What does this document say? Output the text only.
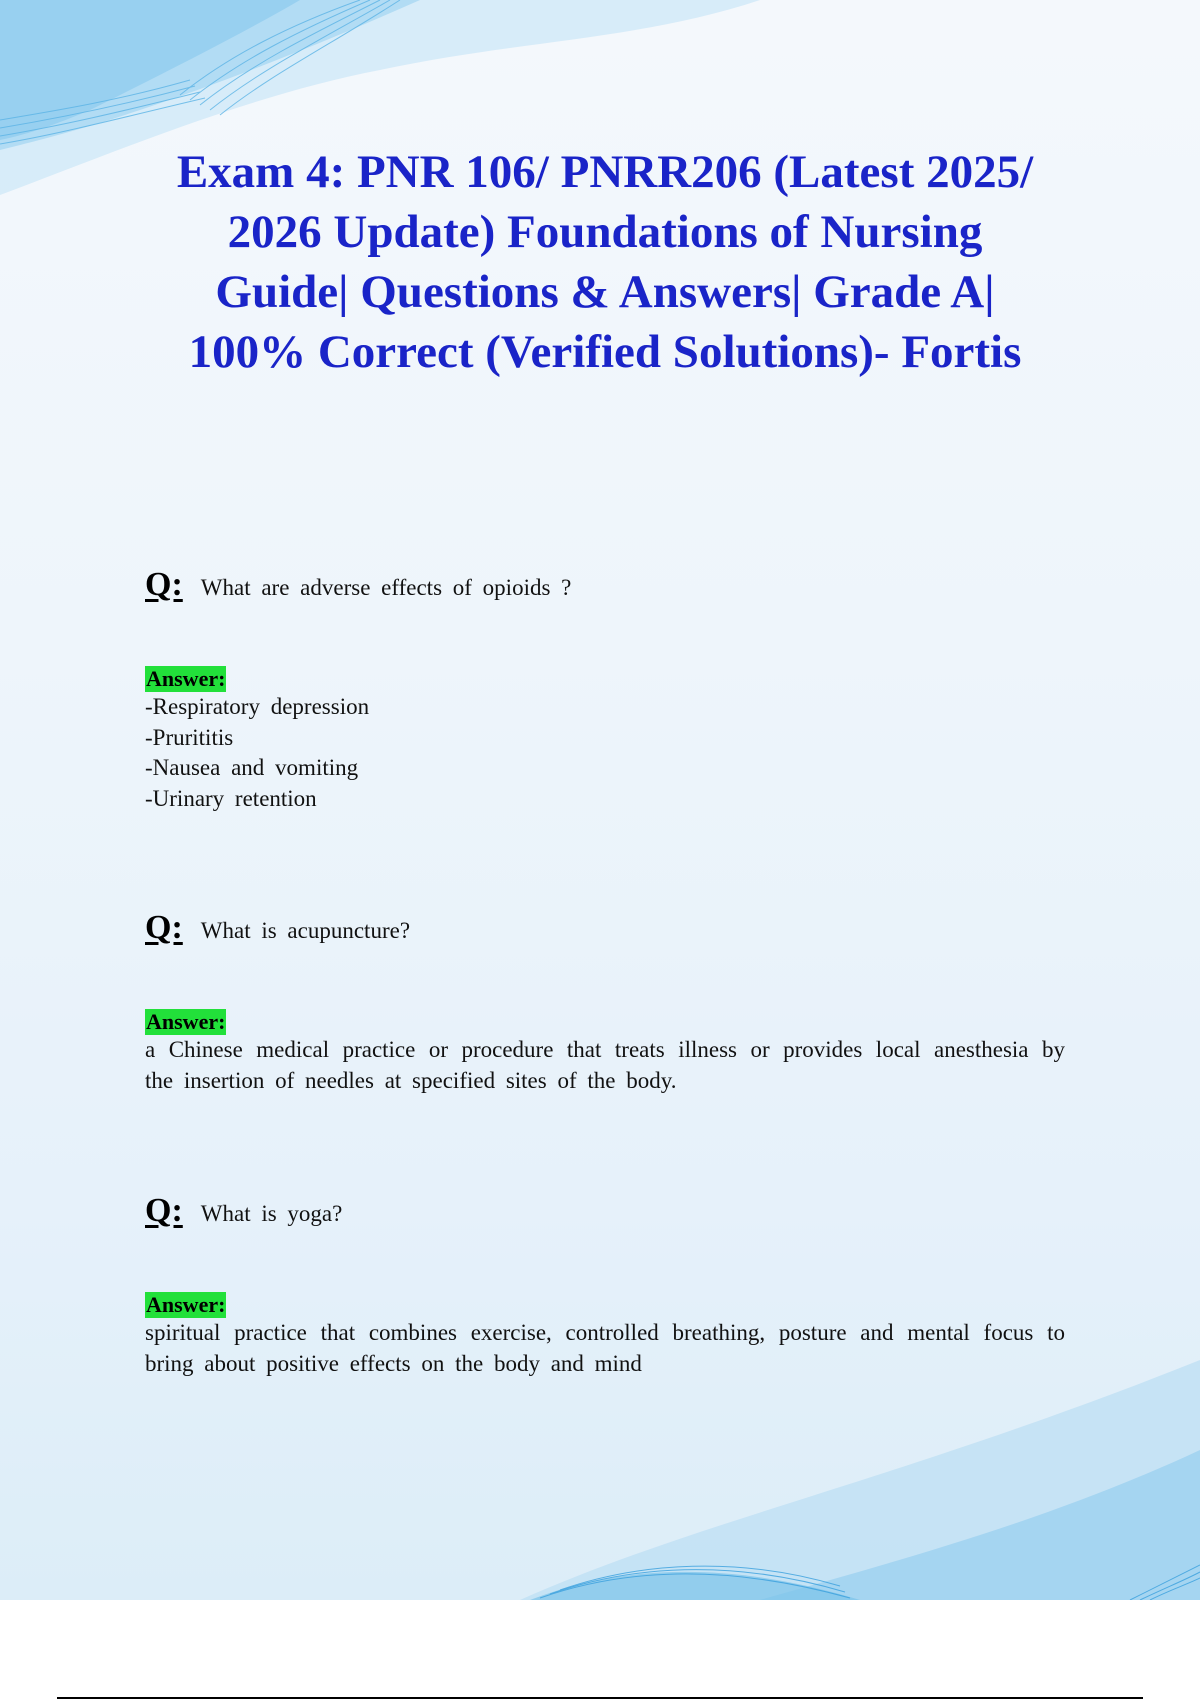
Exam 4: PNR 106/ PNRR206 (Latest 2025/ 2026 Update) Foundations of Nursing Guide| Questions & Answers| Grade A| 100% Correct (Verified Solutions)- Fortis
Q: What are adverse effects of opioids ?
Answer:
-Respiratory depression
-Prurititis
-Nausea and vomiting
-Urinary retention
Q: What is acupuncture?
Answer:
a Chinese medical practice or procedure that treats illness or provides local anesthesia by the insertion of needles at specified sites of the body.
Q: What is yoga?
Answer:
spiritual practice that combines exercise, controlled breathing, posture and mental focus to bring about positive effects on the body and mind
